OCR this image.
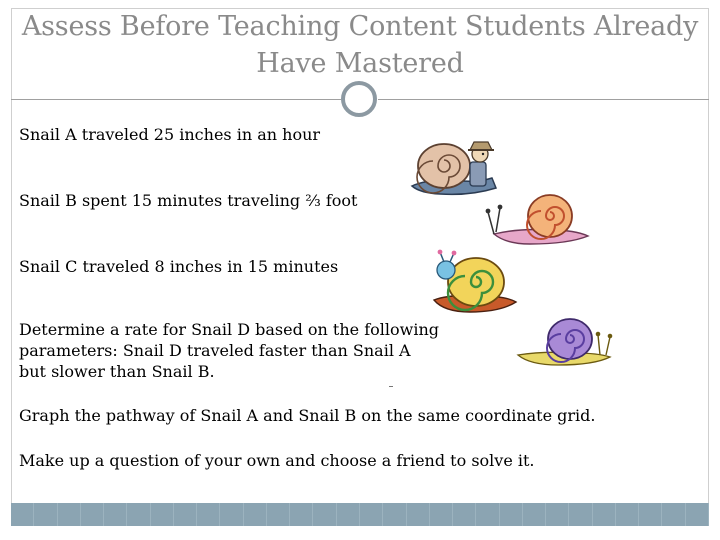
Assess Before Teaching Content Students Already
Have Mastered
Snail A traveled 25 inches in an hour
Snail B spent 15 minutes traveling ⅔ foot
Snail C traveled 8 inches in 15 minutes
Determine a rate for Snail D based on the following parameters: Snail D traveled faster than Snail A but slower than Snail B.
Graph the pathway of Snail A and Snail B on the same coordinate grid.
Make up a question of your own and choose a friend to solve it.
